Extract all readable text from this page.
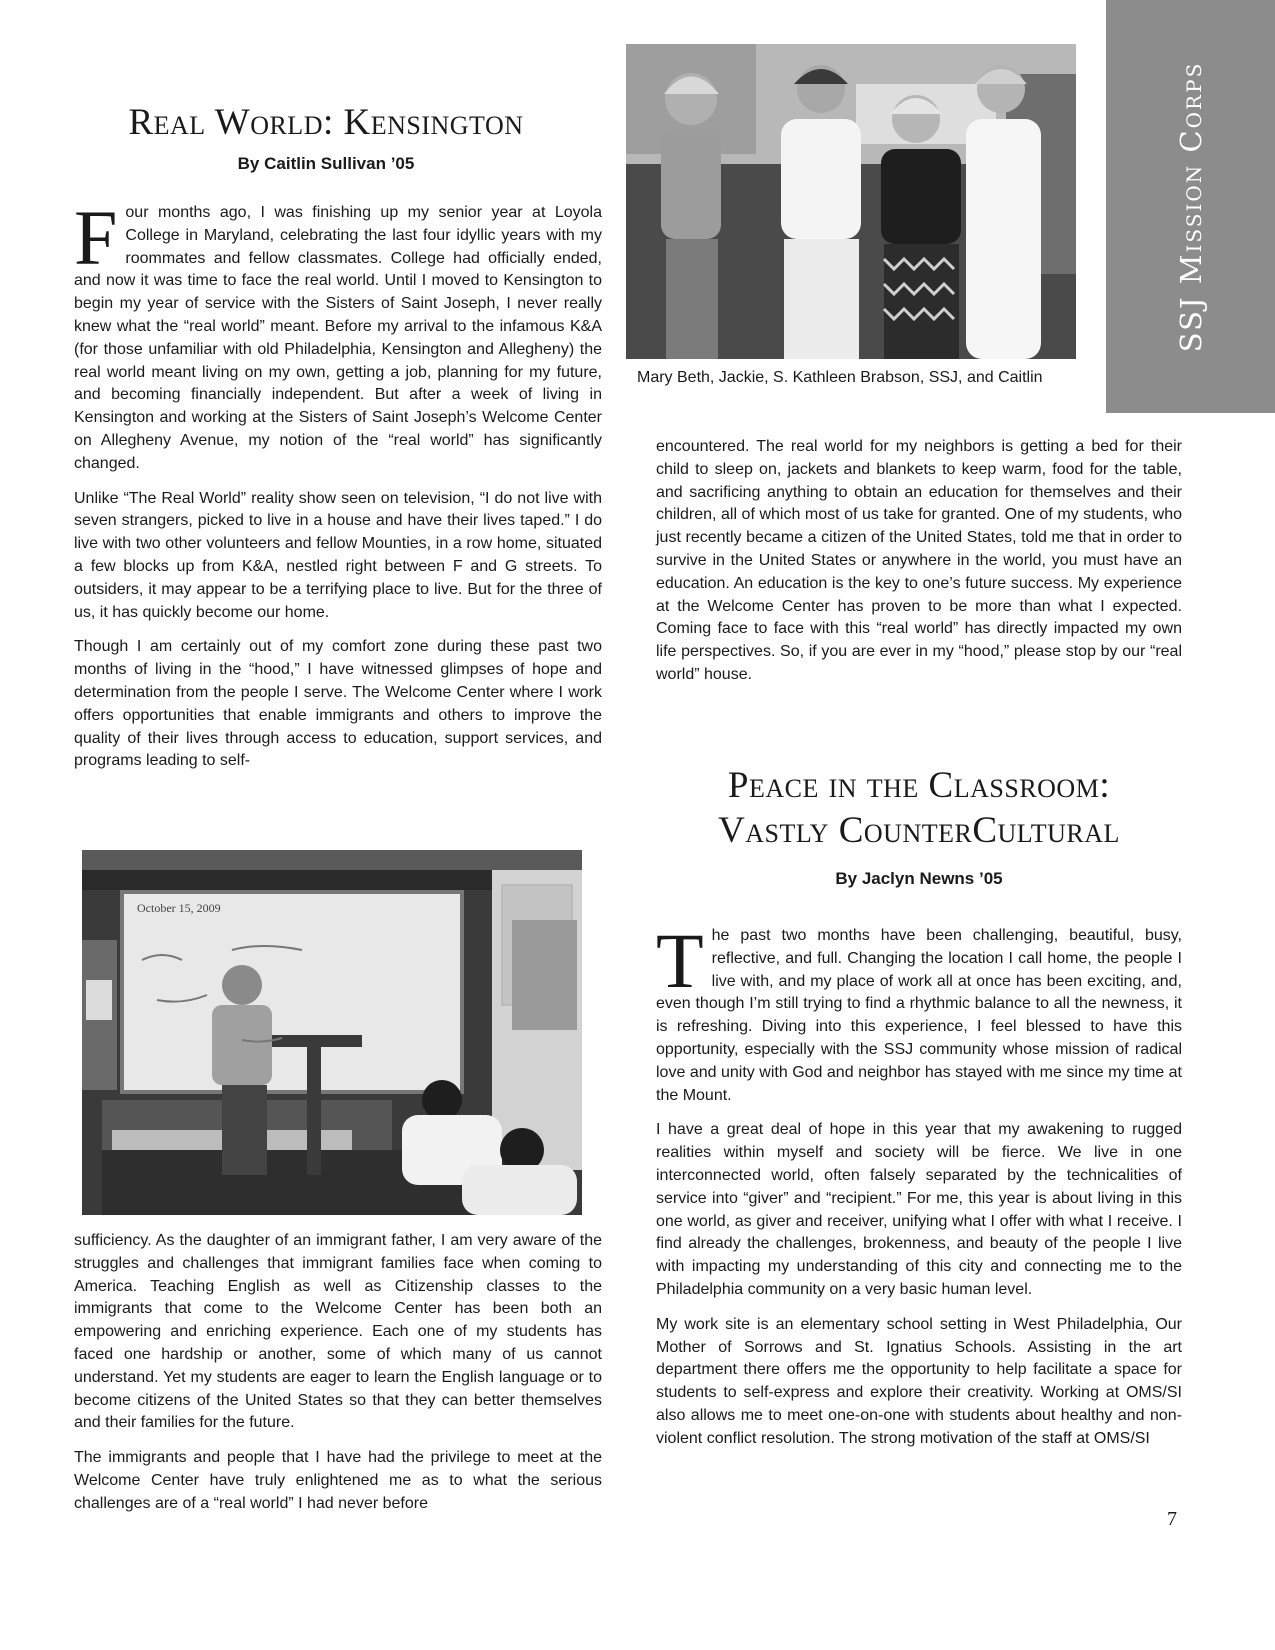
SSJ Mission Corps
Real World: Kensington
By Caitlin Sullivan ’05

Four months ago, I was finishing up my senior year at Loyola College in Maryland, celebrating the last four idyllic years with my roommates and fellow classmates. College had officially ended, and now it was time to face the real world. Until I moved to Kensington to begin my year of service with the Sisters of Saint Joseph, I never really knew what the “real world” meant. Before my arrival to the infamous K&A (for those unfamiliar with old Philadelphia, Kensington and Allegheny) the real world meant living on my own, getting a job, planning for my future, and becoming financially independent. But after a week of living in Kensington and working at the Sisters of Saint Joseph’s Welcome Center on Allegheny Avenue, my notion of the “real world” has significantly changed.

Unlike “The Real World” reality show seen on television, “I do not live with seven strangers, picked to live in a house and have their lives taped.” I do live with two other volunteers and fellow Mounties, in a row home, situated a few blocks up from K&A, nestled right between F and G streets. To outsiders, it may appear to be a terrifying place to live. But for the three of us, it has quickly become our home.

Though I am certainly out of my comfort zone during these past two months of living in the “hood,” I have witnessed glimpses of hope and determination from the people I serve. The Welcome Center where I work offers opportunities that enable immigrants and others to improve the quality of their lives through access to education, support services, and programs leading to self-

October 15, 2009

sufficiency. As the daughter of an immigrant father, I am very aware of the struggles and challenges that immigrant families face when coming to America. Teaching English as well as Citizenship classes to the immigrants that come to the Welcome Center has been both an empowering and enriching experience. Each one of my students has faced one hardship or another, some of which many of us cannot understand. Yet my students are eager to learn the English language or to become citizens of the United States so that they can better themselves and their families for the future.

The immigrants and people that I have had the privilege to meet at the Welcome Center have truly enlightened me as to what the serious challenges are of a “real world” I had never before

Mary Beth, Jackie, S. Kathleen Brabson, SSJ, and Caitlin

encountered. The real world for my neighbors is getting a bed for their child to sleep on, jackets and blankets to keep warm, food for the table, and sacrificing anything to obtain an education for themselves and their children, all of which most of us take for granted. One of my students, who just recently became a citizen of the United States, told me that in order to survive in the United States or anywhere in the world, you must have an education. An education is the key to one’s future success. My experience at the Welcome Center has proven to be more than what I expected. Coming face to face with this “real world” has directly impacted my own life perspectives. So, if you are ever in my “hood,” please stop by our “real world” house.

Peace in the Classroom:
Vastly CounterCultural
By Jaclyn Newns ’05

The past two months have been challenging, beautiful, busy, reflective, and full. Changing the location I call home, the people I live with, and my place of work all at once has been exciting, and, even though I’m still trying to find a rhythmic balance to all the newness, it is refreshing. Diving into this experience, I feel blessed to have this opportunity, especially with the SSJ community whose mission of radical love and unity with God and neighbor has stayed with me since my time at the Mount.

I have a great deal of hope in this year that my awakening to rugged realities within myself and society will be fierce. We live in one interconnected world, often falsely separated by the technicalities of service into “giver” and “recipient.” For me, this year is about living in this one world, as giver and receiver, unifying what I offer with what I receive. I find already the challenges, brokenness, and beauty of the people I live with impacting my understanding of this city and connecting me to the Philadelphia community on a very basic human level.

My work site is an elementary school setting in West Philadelphia, Our Mother of Sorrows and St. Ignatius Schools. Assisting in the art department there offers me the opportunity to help facilitate a space for students to self-express and explore their creativity. Working at OMS/SI also allows me to meet one-on-one with students about healthy and non-violent conflict resolution. The strong motivation of the staff at OMS/SI

7
